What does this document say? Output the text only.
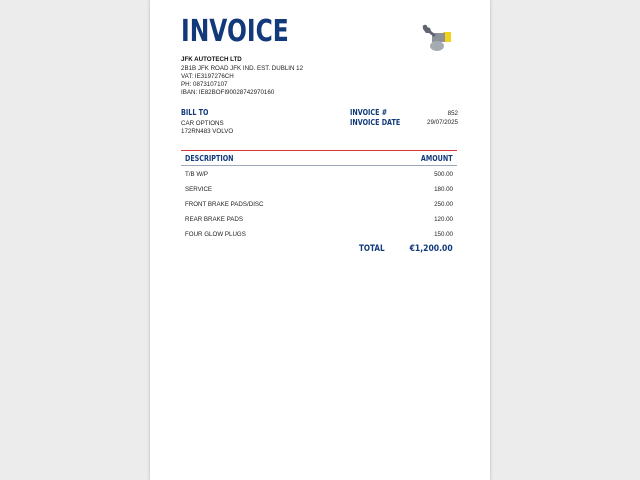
INVOICE
JFK AUTOTECH LTD
2B1B JFK ROAD JFK IND. EST. DUBLIN 12
VAT: IE3197276CH
PH: 0873107107
IBAN: IE82BOFI90028742970160
BILL TO
CAR OPTIONS
172RN483 VOLVO
INVOICE #	852
INVOICE DATE	29/07/2025
DESCRIPTION	AMOUNT
T/B W/P	500.00
SERVICE	180.00
FRONT BRAKE PADS/DISC	250.00
REAR BRAKE PADS	120.00
FOUR GLOW PLUGS	150.00
TOTAL	€1,200.00
